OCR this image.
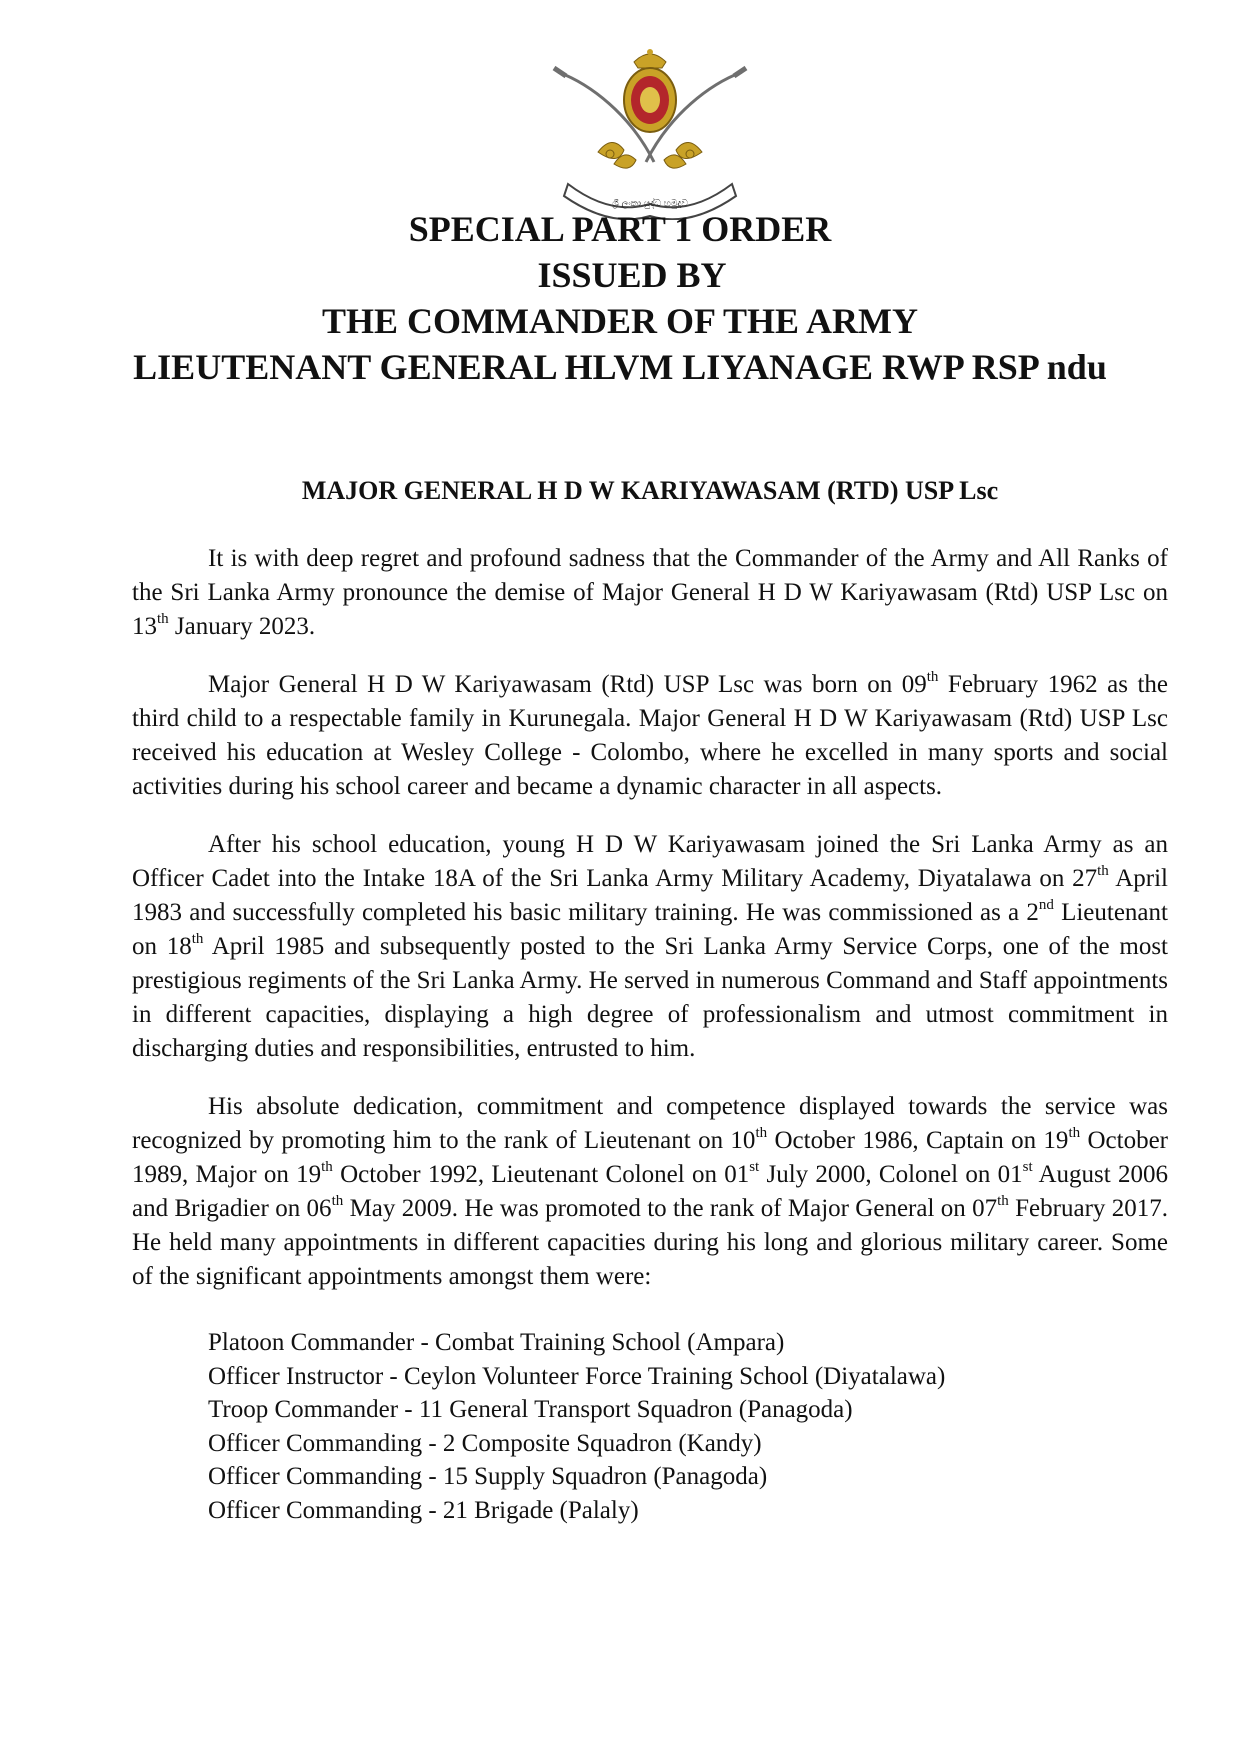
ශ්‍රී ලංකා යුද්ධ හමුදාව
SPECIAL PART 1 ORDER
ISSUED BY
THE COMMANDER OF THE ARMY
LIEUTENANT GENERAL HLVM LIYANAGE RWP RSP ndu
MAJOR GENERAL H D W KARIYAWASAM (RTD) USP Lsc

It is with deep regret and profound sadness that the Commander of the Army and All Ranks of the Sri Lanka Army pronounce the demise of Major General H D W Kariyawasam (Rtd) USP Lsc on 13th January 2023.

Major General H D W Kariyawasam (Rtd) USP Lsc was born on 09th February 1962 as the third child to a respectable family in Kurunegala. Major General H D W Kariyawasam (Rtd) USP Lsc received his education at Wesley College - Colombo, where he excelled in many sports and social activities during his school career and became a dynamic character in all aspects.

After his school education, young H D W Kariyawasam joined the Sri Lanka Army as an Officer Cadet into the Intake 18A of the Sri Lanka Army Military Academy, Diyatalawa on 27th April 1983 and successfully completed his basic military training. He was commissioned as a 2nd Lieutenant on 18th April 1985 and subsequently posted to the Sri Lanka Army Service Corps, one of the most prestigious regiments of the Sri Lanka Army. He served in numerous Command and Staff appointments in different capacities, displaying a high degree of professionalism and utmost commitment in discharging duties and responsibilities, entrusted to him.

His absolute dedication, commitment and competence displayed towards the service was recognized by promoting him to the rank of Lieutenant on 10th October 1986, Captain on 19th October 1989, Major on 19th October 1992, Lieutenant Colonel on 01st July 2000, Colonel on 01st August 2006 and Brigadier on 06th May 2009. He was promoted to the rank of Major General on 07th February 2017. He held many appointments in different capacities during his long and glorious military career. Some of the significant appointments amongst them were:

Platoon Commander - Combat Training School (Ampara)
Officer Instructor - Ceylon Volunteer Force Training School (Diyatalawa)
Troop Commander - 11 General Transport Squadron (Panagoda)
Officer Commanding - 2 Composite Squadron (Kandy)
Officer Commanding - 15 Supply Squadron (Panagoda)
Officer Commanding - 21 Brigade (Palaly)
